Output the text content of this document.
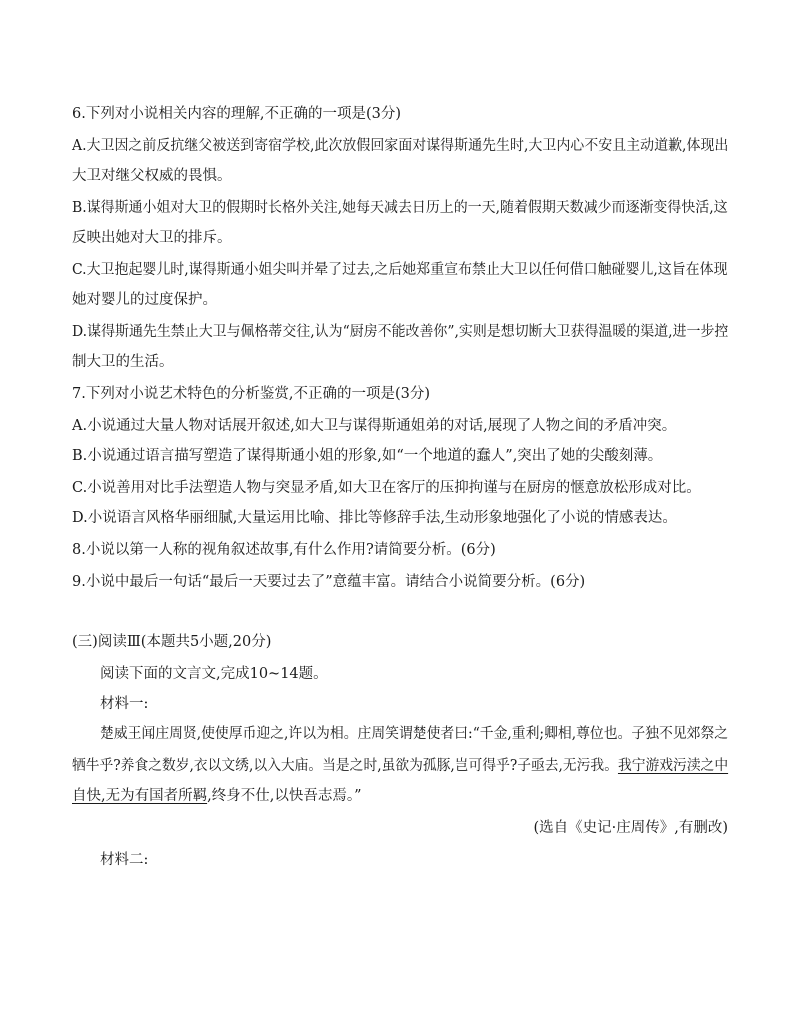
6.下列对小说相关内容的理解,不正确的一项是(3分)
A.大卫因之前反抗继父被送到寄宿学校,此次放假回家面对谋得斯通先生时,大卫内心不安且主动道歉,体现出
大卫对继父权威的畏惧。
B.谋得斯通小姐对大卫的假期时长格外关注,她每天减去日历上的一天,随着假期天数减少而逐渐变得快活,这
反映出她对大卫的排斥。
C.大卫抱起婴儿时,谋得斯通小姐尖叫并晕了过去,之后她郑重宣布禁止大卫以任何借口触碰婴儿,这旨在体现
她对婴儿的过度保护。
D.谋得斯通先生禁止大卫与佩格蒂交往,认为“厨房不能改善你”,实则是想切断大卫获得温暖的渠道,进一步控
制大卫的生活。
7.下列对小说艺术特色的分析鉴赏,不正确的一项是(3分)
A.小说通过大量人物对话展开叙述,如大卫与谋得斯通姐弟的对话,展现了人物之间的矛盾冲突。
B.小说通过语言描写塑造了谋得斯通小姐的形象,如“一个地道的蠢人”,突出了她的尖酸刻薄。
C.小说善用对比手法塑造人物与突显矛盾,如大卫在客厅的压抑拘谨与在厨房的惬意放松形成对比。
D.小说语言风格华丽细腻,大量运用比喻、排比等修辞手法,生动形象地强化了小说的情感表达。
8.小说以第一人称的视角叙述故事,有什么作用?请简要分析。(6分)
9.小说中最后一句话“最后一天要过去了”意蕴丰富。请结合小说简要分析。(6分)
(三)阅读Ⅲ(本题共5小题,20分)
阅读下面的文言文,完成10~14题。
材料一:
楚威王闻庄周贤,使使厚币迎之,许以为相。庄周笑谓楚使者曰:“千金,重利;卿相,尊位也。子独不见郊祭之
牺牛乎?养食之数岁,衣以文绣,以入大庙。当是之时,虽欲为孤豚,岂可得乎?子亟去,无污我。我宁游戏污渎之中
自快,无为有国者所羁,终身不仕,以快吾志焉。”
(选自《史记·庄周传》,有删改)
材料二:
